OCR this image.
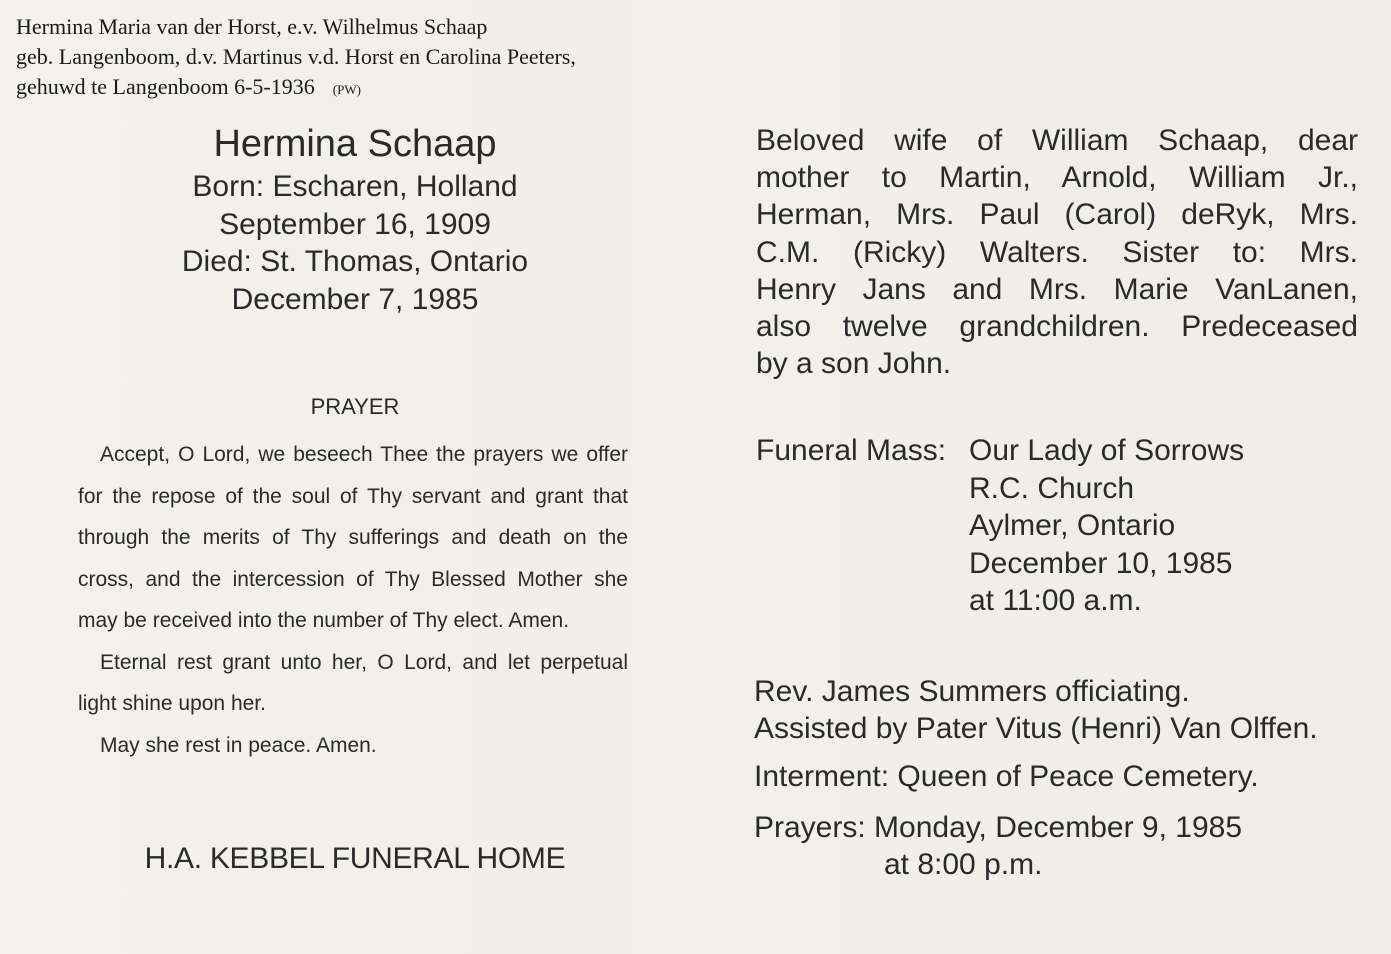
Hermina Maria van der Horst, e.v. Wilhelmus Schaap
geb. Langenboom, d.v. Martinus v.d. Horst en Carolina Peeters,
gehuwd te Langenboom 6-5-1936 (PW)
Hermina Schaap
Born: Escharen, Holland
September 16, 1909
Died: St. Thomas, Ontario
December 7, 1985
PRAYER

Accept, O Lord, we beseech Thee the prayers we offer for the repose of the soul of Thy servant and grant that through the merits of Thy sufferings and death on the cross, and the intercession of Thy Blessed Mother she may be received into the number of Thy elect. Amen.

Eternal rest grant unto her, O Lord, and let perpetual light shine upon her.

May she rest in peace. Amen.

H.A. KEBBEL FUNERAL HOME
Beloved wife of William Schaap, dear
mother to Martin, Arnold, William Jr.,
Herman, Mrs. Paul (Carol) deRyk, Mrs.
C.M. (Ricky) Walters. Sister to: Mrs.
Henry Jans and Mrs. Marie VanLanen,
also twelve grandchildren. Predeceased
by a son John.
Funeral Mass: Our Lady of Sorrows
R.C. Church
Aylmer, Ontario
December 10, 1985
at 11:00 a.m.
Rev. James Summers officiating.
Assisted by Pater Vitus (Henri) Van Olffen.
Interment: Queen of Peace Cemetery.
Prayers: Monday, December 9, 1985
at 8:00 p.m.
